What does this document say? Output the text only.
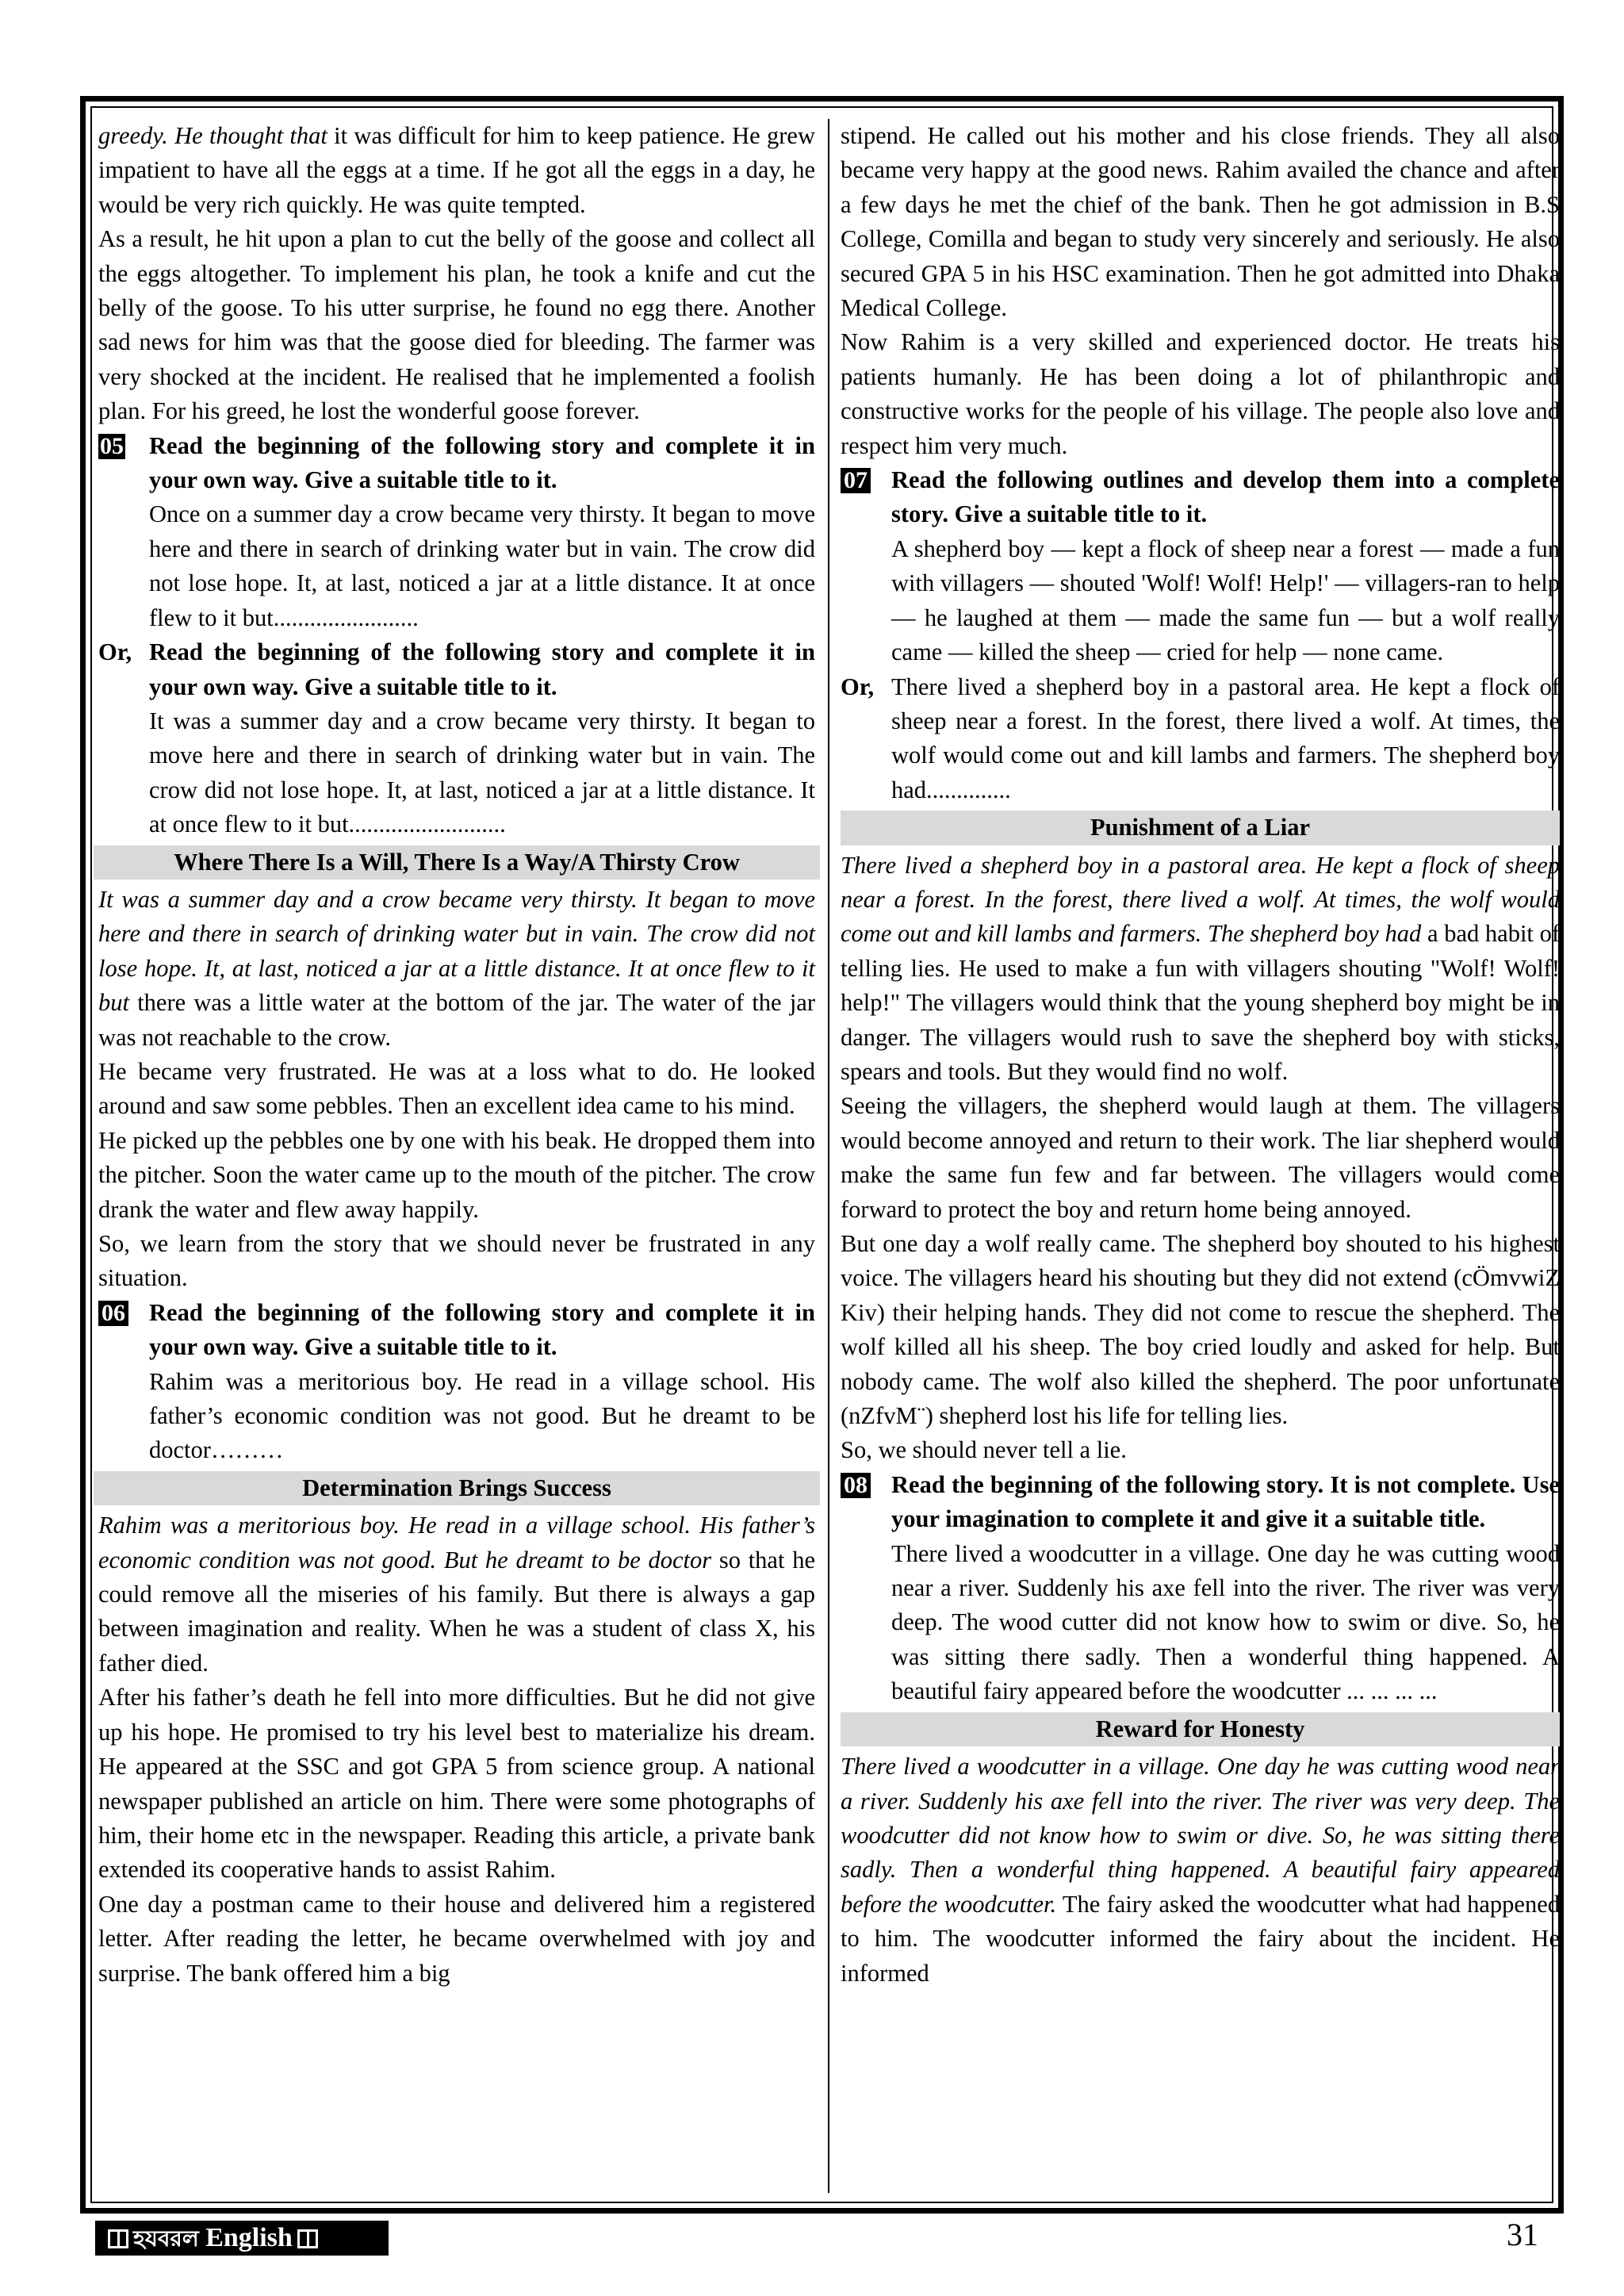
greedy. He thought that it was difficult for him to keep patience. He grew impatient to have all the eggs at a time. If he got all the eggs in a day, he would be very rich quickly. He was quite tempted.

As a result, he hit upon a plan to cut the belly of the goose and collect all the eggs altogether. To implement his plan, he took a knife and cut the belly of the goose. To his utter surprise, he found no egg there. Another sad news for him was that the goose died for bleeding. The farmer was very shocked at the incident. He realised that he implemented a foolish plan. For his greed, he lost the wonderful goose forever.

05 Read the beginning of the following story and complete it in your own way. Give a suitable title to it.

Once on a summer day a crow became very thirsty. It began to move here and there in search of drinking water but in vain. The crow did not lose hope. It, at last, noticed a jar at a little distance. It at once flew to it but........................

Or, Read the beginning of the following story and complete it in your own way. Give a suitable title to it.

It was a summer day and a crow became very thirsty. It began to move here and there in search of drinking water but in vain. The crow did not lose hope. It, at last, noticed a jar at a little distance. It at once flew to it but..........................

Where There Is a Will, There Is a Way/A Thirsty Crow

It was a summer day and a crow became very thirsty. It began to move here and there in search of drinking water but in vain. The crow did not lose hope. It, at last, noticed a jar at a little distance. It at once flew to it but there was a little water at the bottom of the jar. The water of the jar was not reachable to the crow.

He became very frustrated. He was at a loss what to do. He looked around and saw some pebbles. Then an excellent idea came to his mind.

He picked up the pebbles one by one with his beak. He dropped them into the pitcher. Soon the water came up to the mouth of the pitcher. The crow drank the water and flew away happily.

So, we learn from the story that we should never be frustrated in any situation.

06 Read the beginning of the following story and complete it in your own way. Give a suitable title to it.

Rahim was a meritorious boy. He read in a village school. His father’s economic condition was not good. But he dreamt to be doctor………

Determination Brings Success

Rahim was a meritorious boy. He read in a village school. His father’s economic condition was not good. But he dreamt to be doctor so that he could remove all the miseries of his family. But there is always a gap between imagination and reality. When he was a student of class X, his father died.

After his father’s death he fell into more difficulties. But he did not give up his hope. He promised to try his level best to materialize his dream. He appeared at the SSC and got GPA 5 from science group. A national newspaper published an article on him. There were some photographs of him, their home etc in the newspaper. Reading this article, a private bank extended its cooperative hands to assist Rahim.

One day a postman came to their house and delivered him a registered letter. After reading the letter, he became overwhelmed with joy and surprise. The bank offered him a big

stipend. He called out his mother and his close friends. They all also became very happy at the good news. Rahim availed the chance and after a few days he met the chief of the bank. Then he got admission in B.S College, Comilla and began to study very sincerely and seriously. He also secured GPA 5 in his HSC examination. Then he got admitted into Dhaka Medical College.

Now Rahim is a very skilled and experienced doctor. He treats his patients humanly. He has been doing a lot of philanthropic and constructive works for the people of his village. The people also love and respect him very much.

07 Read the following outlines and develop them into a complete story. Give a suitable title to it.

A shepherd boy — kept a flock of sheep near a forest — made a fun with villagers — shouted 'Wolf! Wolf! Help!' — villagers-ran to help — he laughed at them — made the same fun — but a wolf really came — killed the sheep — cried for help — none came.

Or, There lived a shepherd boy in a pastoral area. He kept a flock of sheep near a forest. In the forest, there lived a wolf. At times, the wolf would come out and kill lambs and farmers. The shepherd boy had..............
Punishment of a Liar

There lived a shepherd boy in a pastoral area. He kept a flock of sheep near a forest. In the forest, there lived a wolf. At times, the wolf would come out and kill lambs and farmers. The shepherd boy had a bad habit of telling lies. He used to make a fun with villagers shouting "Wolf! Wolf! help!" The villagers would think that the young shepherd boy might be in danger. The villagers would rush to save the shepherd boy with sticks, spears and tools. But they would find no wolf.

Seeing the villagers, the shepherd would laugh at them. The villagers would become annoyed and return to their work. The liar shepherd would make the same fun few and far between. The villagers would come forward to protect the boy and return home being annoyed.

But one day a wolf really came. The shepherd boy shouted to his highest voice. The villagers heard his shouting but they did not extend (cÖmvwiZ Kiv) their helping hands. They did not come to rescue the shepherd. The wolf killed all his sheep. The boy cried loudly and asked for help. But nobody came. The wolf also killed the shepherd. The poor unfortunate (nZfvM¨) shepherd lost his life for telling lies.

So, we should never tell a lie.

08 Read the beginning of the following story. It is not complete. Use your imagination to complete it and give it a suitable title.

There lived a woodcutter in a village. One day he was cutting wood near a river. Suddenly his axe fell into the river. The river was very deep. The wood cutter did not know how to swim or dive. So, he was sitting there sadly. Then a wonderful thing happened. A beautiful fairy appeared before the woodcutter ... ... ... ...

Reward for Honesty

There lived a woodcutter in a village. One day he was cutting wood near a river. Suddenly his axe fell into the river. The river was very deep. The woodcutter did not know how to swim or dive. So, he was sitting there sadly. Then a wonderful thing happened. A beautiful fairy appeared before the woodcutter. The fairy asked the woodcutter what had happened to him. The woodcutter informed the fairy about the incident. He informed

হযবরল English	31
